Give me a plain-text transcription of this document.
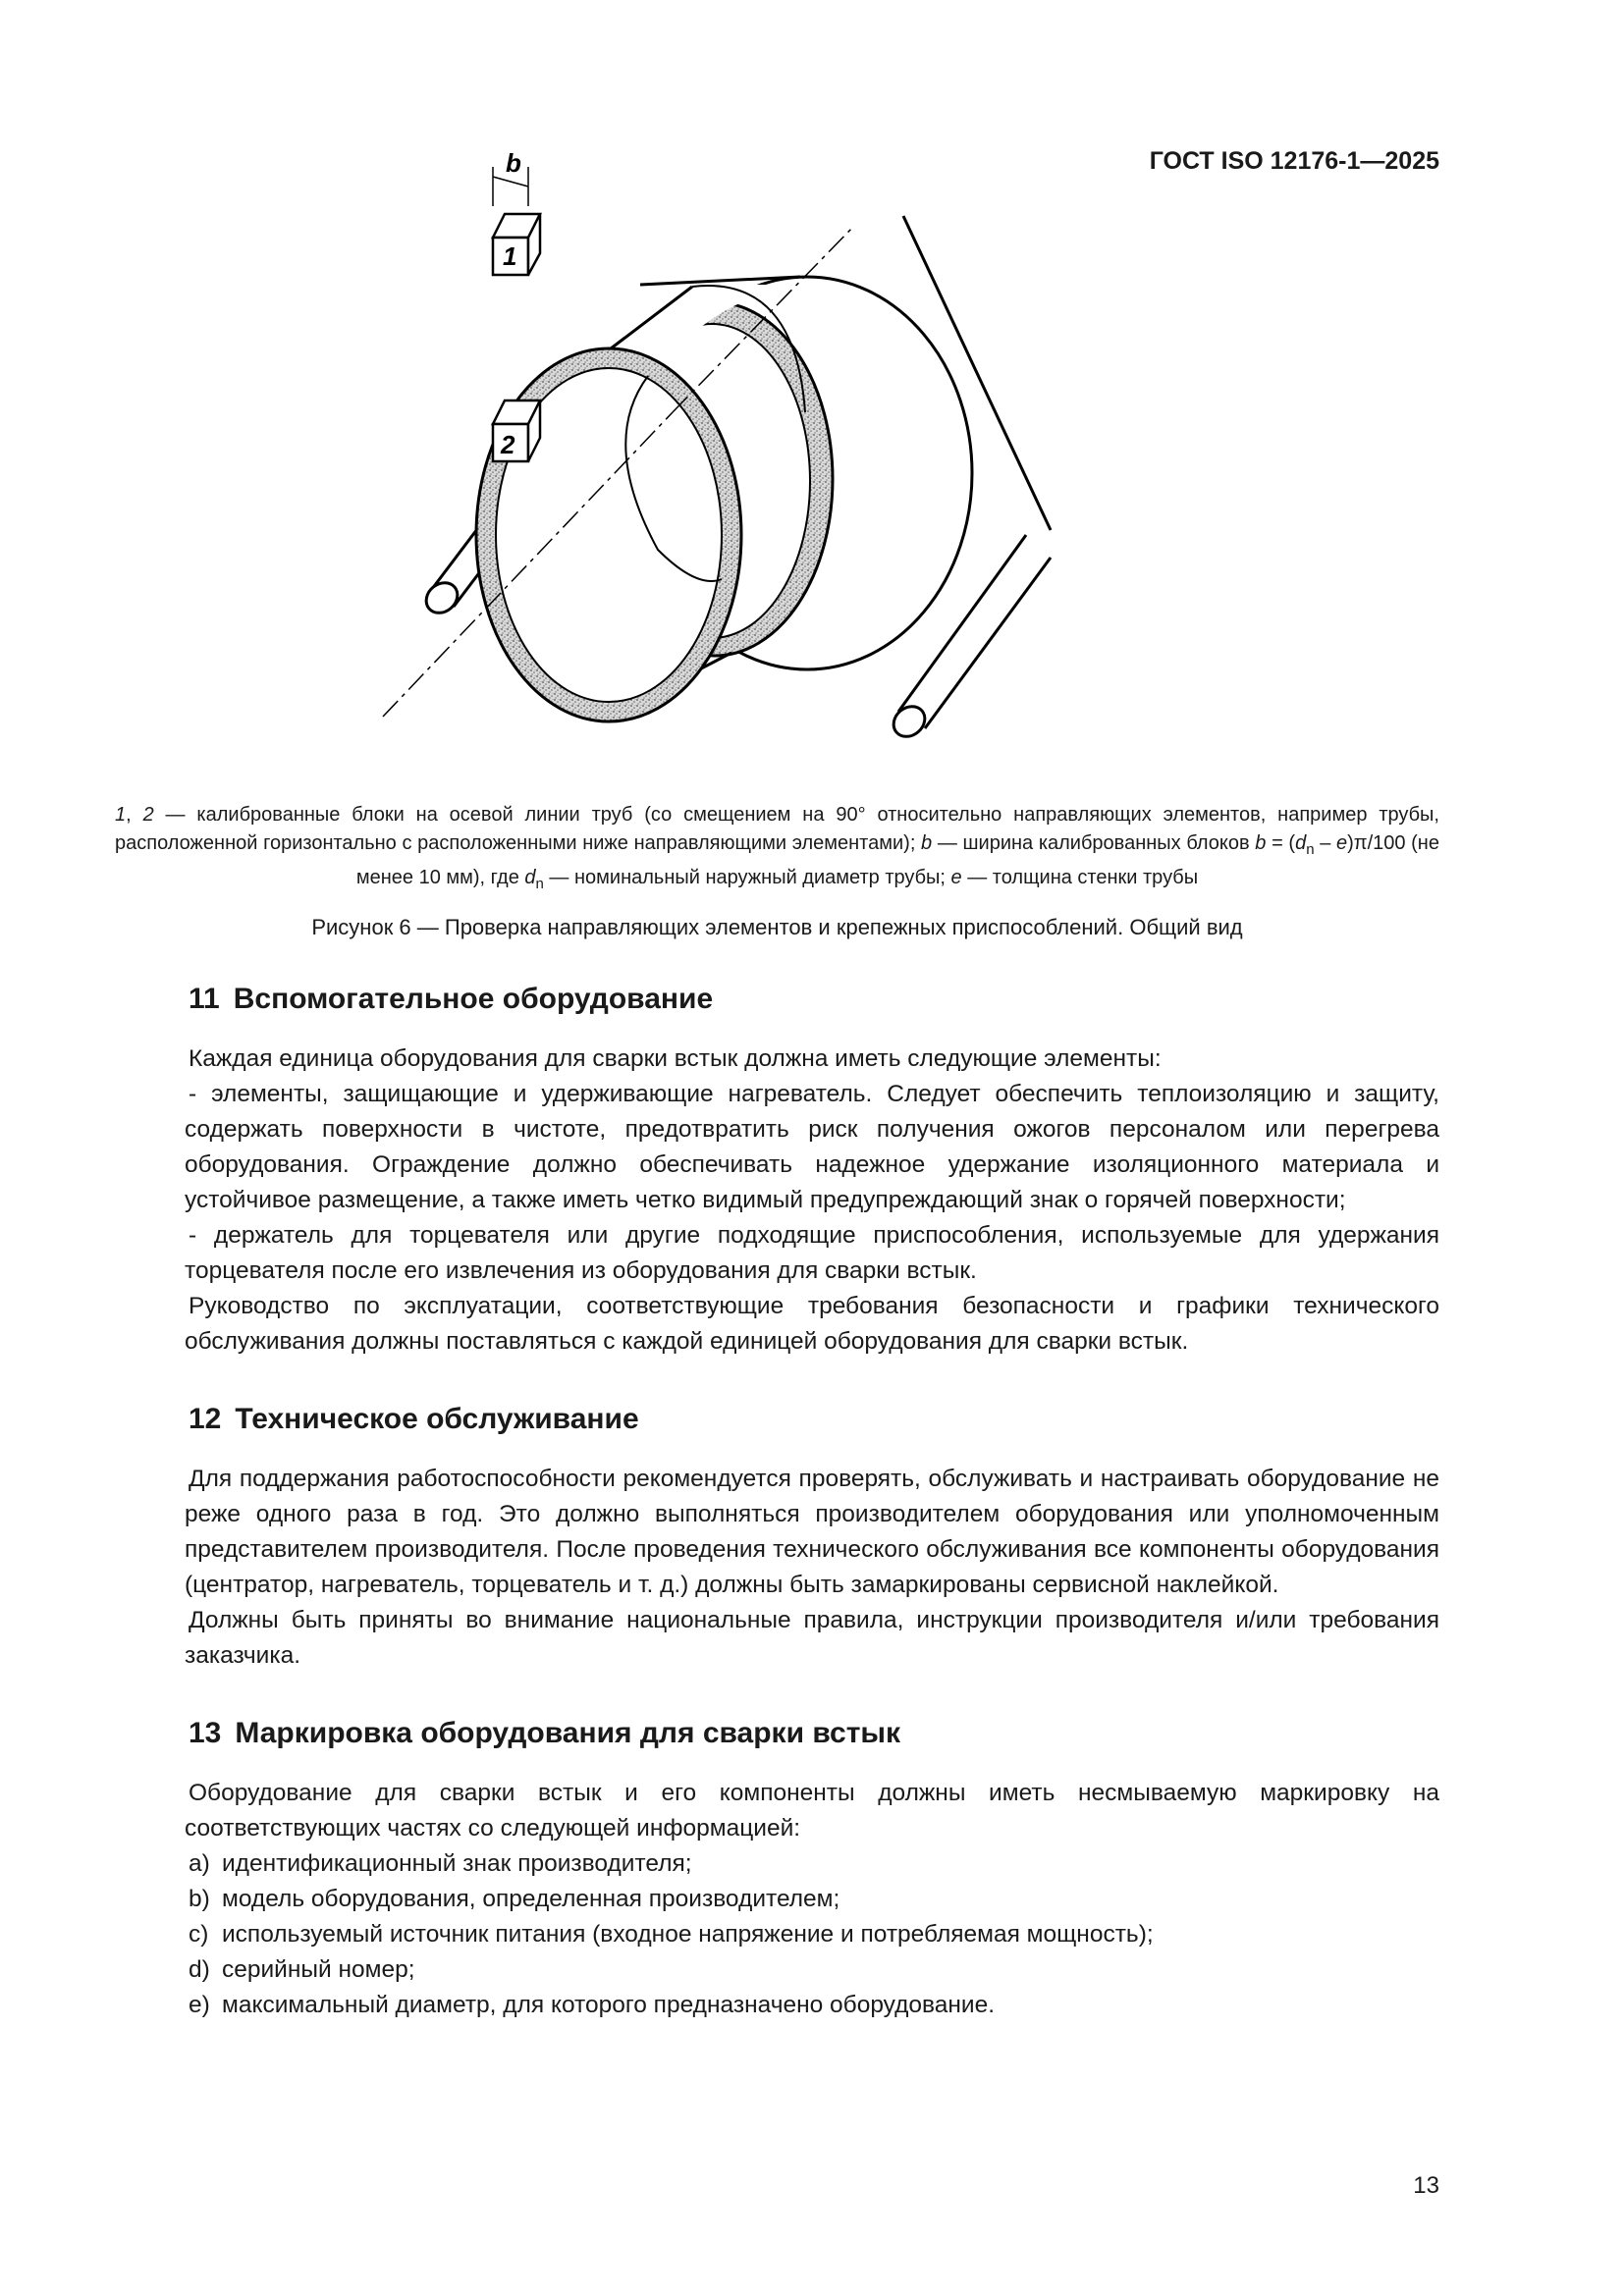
ГОСТ ISO 12176-1—2025
1
2
b
1, 2 — калиброванные блоки на осевой линии труб (со смещением на 90° относительно направляющих элементов, например трубы, расположенной горизонтально с расположенными ниже направляющими элементами); b — ширина калиброванных блоков $b = (d_n - e)\pi/100$ (не менее 10 мм), где $d_n$ — номинальный наружный диаметр трубы; e — толщина стенки трубы
Рисунок 6 — Проверка направляющих элементов и крепежных приспособлений. Общий вид
11 Вспомогательное оборудование

Каждая единица оборудования для сварки встык должна иметь следующие элементы:

- элементы, защищающие и удерживающие нагреватель. Следует обеспечить теплоизоляцию и защиту, содержать поверхности в чистоте, предотвратить риск получения ожогов персоналом или перегрева оборудования. Ограждение должно обеспечивать надежное удержание изоляционного материала и устойчивое размещение, а также иметь четко видимый предупреждающий знак о горячей поверхности;

- держатель для торцевателя или другие подходящие приспособления, используемые для удержания торцевателя после его извлечения из оборудования для сварки встык.

Руководство по эксплуатации, соответствующие требования безопасности и графики технического обслуживания должны поставляться с каждой единицей оборудования для сварки встык.

12 Техническое обслуживание

Для поддержания работоспособности рекомендуется проверять, обслуживать и настраивать оборудование не реже одного раза в год. Это должно выполняться производителем оборудования или уполномоченным представителем производителя. После проведения технического обслуживания все компоненты оборудования (центратор, нагреватель, торцеватель и т. д.) должны быть замаркированы сервисной наклейкой.

Должны быть приняты во внимание национальные правила, инструкции производителя и/или требования заказчика.

13 Маркировка оборудования для сварки встык

Оборудование для сварки встык и его компоненты должны иметь несмываемую маркировку на соответствующих частях со следующей информацией:

a) идентификационный знак производителя;
b) модель оборудования, определенная производителем;
c) используемый источник питания (входное напряжение и потребляемая мощность);
d) серийный номер;
e) максимальный диаметр, для которого предназначено оборудование.
13
